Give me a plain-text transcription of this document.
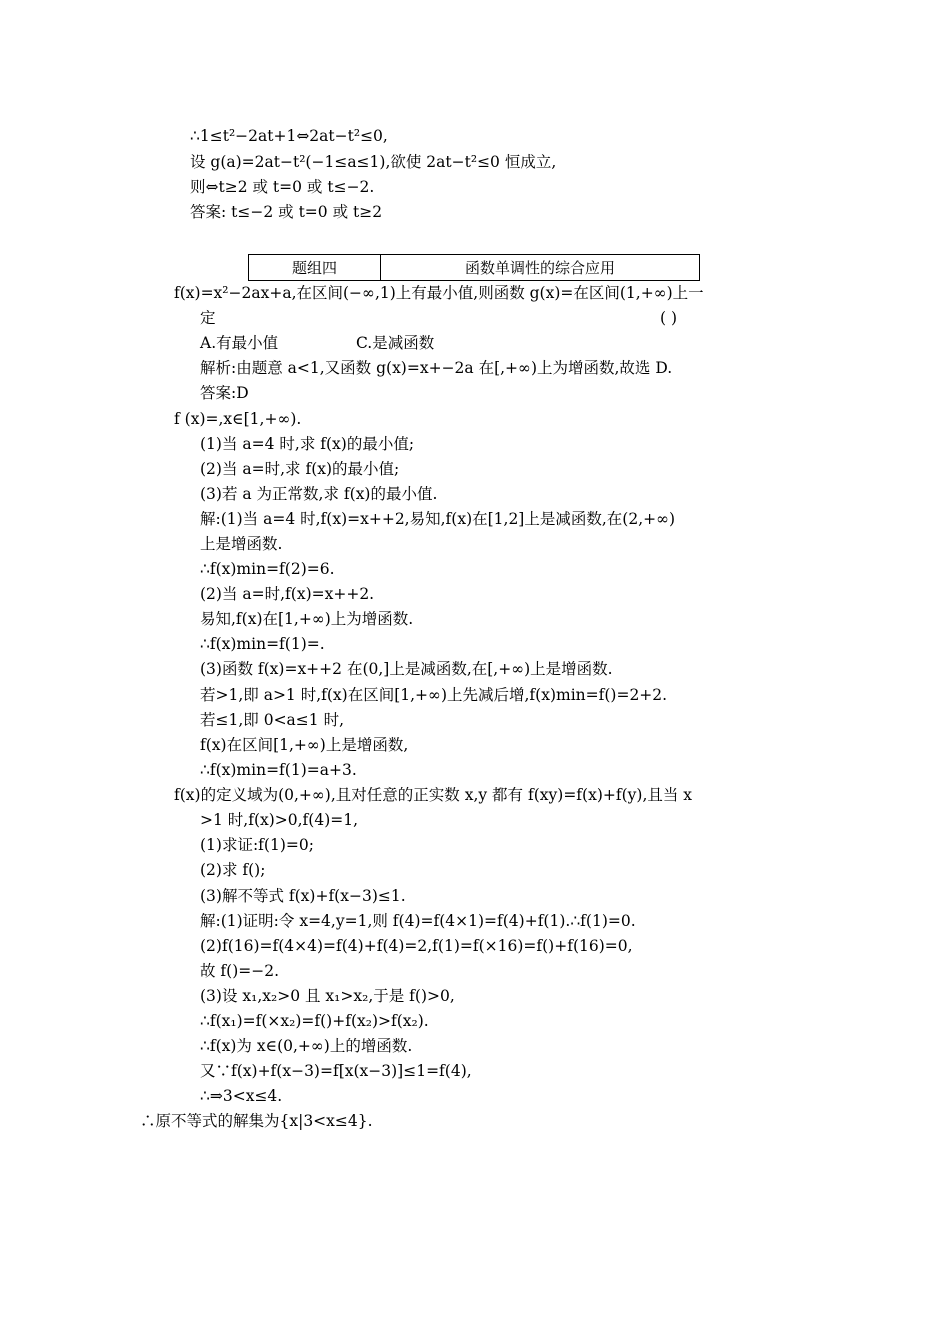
∴1≤t²−2at+1⇔2at−t²≤0,
设 g(a)=2at−t²(−1≤a≤1),欲使 2at−t²≤0 恒成立,
则⇔t≥2 或 t=0 或 t≤−2.
答案: t≤−2 或 t=0 或 t≥2
题组四	函数单调性的综合应用
f(x)=x²−2ax+a,在区间(−∞,1)上有最小值,则函数 g(x)=在区间(1,+∞)上一
定	( )
A.有最小值	C.是减函数
解析:由题意 a<1,又函数 g(x)=x+−2a 在[,+∞)上为增函数,故选 D.
答案:D
f (x)=,x∈[1,+∞).
(1)当 a=4 时,求 f(x)的最小值;
(2)当 a=时,求 f(x)的最小值;
(3)若 a 为正常数,求 f(x)的最小值.
解:(1)当 a=4 时,f(x)=x++2,易知,f(x)在[1,2]上是减函数,在(2,+∞)
上是增函数.
∴f(x)min=f(2)=6.
(2)当 a=时,f(x)=x++2.
易知,f(x)在[1,+∞)上为增函数.
∴f(x)min=f(1)=.
(3)函数 f(x)=x++2 在(0,]上是减函数,在[,+∞)上是增函数.
若>1,即 a>1 时,f(x)在区间[1,+∞)上先减后增,f(x)min=f()=2+2.
若≤1,即 0<a≤1 时,
f(x)在区间[1,+∞)上是增函数,
∴f(x)min=f(1)=a+3.
f(x)的定义域为(0,+∞),且对任意的正实数 x,y 都有 f(xy)=f(x)+f(y),且当 x
>1 时,f(x)>0,f(4)=1,
(1)求证:f(1)=0;
(2)求 f();
(3)解不等式 f(x)+f(x−3)≤1.
解:(1)证明:令 x=4,y=1,则 f(4)=f(4×1)=f(4)+f(1).∴f(1)=0.
(2)f(16)=f(4×4)=f(4)+f(4)=2,f(1)=f(×16)=f()+f(16)=0,
故 f()=−2.
(3)设 x₁,x₂>0 且 x₁>x₂,于是 f()>0,
∴f(x₁)=f(×x₂)=f()+f(x₂)>f(x₂).
∴f(x)为 x∈(0,+∞)上的增函数.
又∵f(x)+f(x−3)=f[x(x−3)]≤1=f(4),
∴⇒3<x≤4.
∴原不等式的解集为{x|3<x≤4}.
